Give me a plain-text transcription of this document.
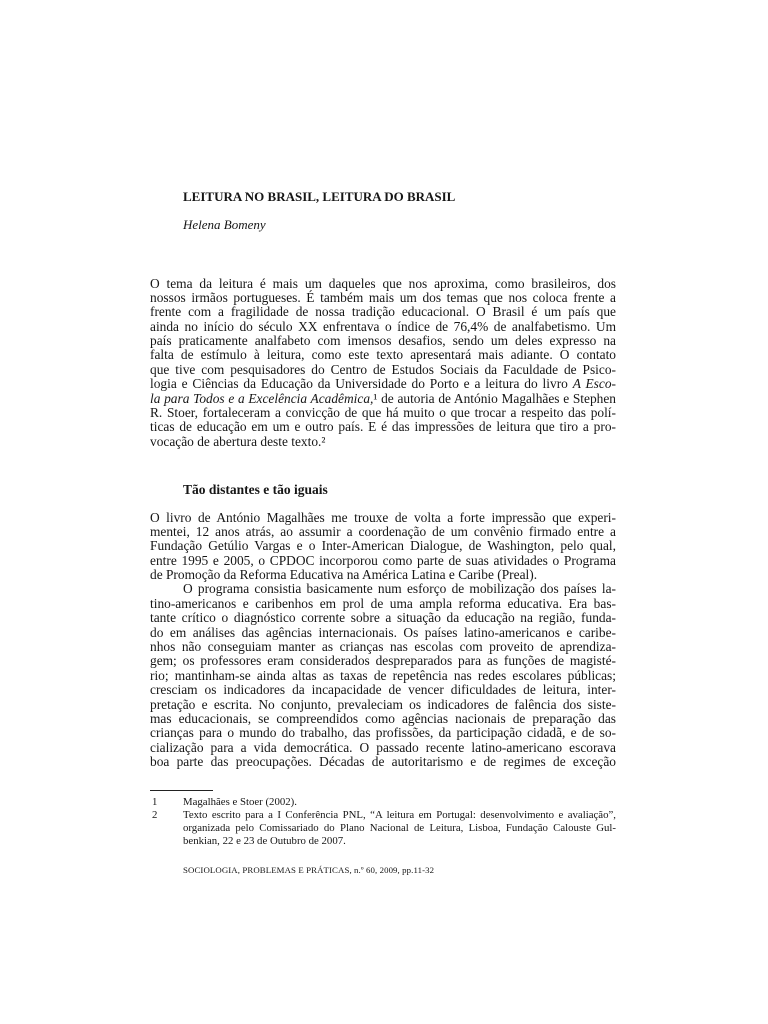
LEITURA NO BRASIL, LEITURA DO BRASIL
Helena Bomeny
O tema da leitura é mais um daqueles que nos aproxima, como brasileiros, dos
nossos irmãos portugueses. É também mais um dos temas que nos coloca frente a
frente com a fragilidade de nossa tradição educacional. O Brasil é um país que
ainda no início do século XX enfrentava o índice de 76,4% de analfabetismo. Um
país praticamente analfabeto com imensos desafios, sendo um deles expresso na
falta de estímulo à leitura, como este texto apresentará mais adiante. O contato
que tive com pesquisadores do Centro de Estudos Sociais da Faculdade de Psico-
logia e Ciências da Educação da Universidade do Porto e a leitura do livro A Esco-
la para Todos e a Excelência Acadêmica,¹ de autoria de António Magalhães e Stephen
R. Stoer, fortaleceram a convicção de que há muito o que trocar a respeito das polí-
ticas de educação em um e outro país. E é das impressões de leitura que tiro a pro-
vocação de abertura deste texto.²
Tão distantes e tão iguais
O livro de António Magalhães me trouxe de volta a forte impressão que experi-
mentei, 12 anos atrás, ao assumir a coordenação de um convênio firmado entre a
Fundação Getúlio Vargas e o Inter-American Dialogue, de Washington, pelo qual,
entre 1995 e 2005, o CPDOC incorporou como parte de suas atividades o Programa
de Promoção da Reforma Educativa na América Latina e Caribe (Preal).
O programa consistia basicamente num esforço de mobilização dos países la-
tino-americanos e caribenhos em prol de uma ampla reforma educativa. Era bas-
tante crítico o diagnóstico corrente sobre a situação da educação na região, funda-
do em análises das agências internacionais. Os países latino-americanos e caribe-
nhos não conseguiam manter as crianças nas escolas com proveito de aprendiza-
gem; os professores eram considerados despreparados para as funções de magisté-
rio; mantinham-se ainda altas as taxas de repetência nas redes escolares públicas;
cresciam os indicadores da incapacidade de vencer dificuldades de leitura, inter-
pretação e escrita. No conjunto, prevaleciam os indicadores de falência dos siste-
mas educacionais, se compreendidos como agências nacionais de preparação das
crianças para o mundo do trabalho, das profissões, da participação cidadã, e de so-
cialização para a vida democrática. O passado recente latino-americano escorava
boa parte das preocupações. Décadas de autoritarismo e de regimes de exceção
1 Magalhães e Stoer (2002).
2 Texto escrito para a I Conferência PNL, “A leitura em Portugal: desenvolvimento e avaliação”,
organizada pelo Comissariado do Plano Nacional de Leitura, Lisboa, Fundação Calouste Gul-
benkian, 22 e 23 de Outubro de 2007.
SOCIOLOGIA, PROBLEMAS E PRÁTICAS, n.º 60, 2009, pp.11-32
